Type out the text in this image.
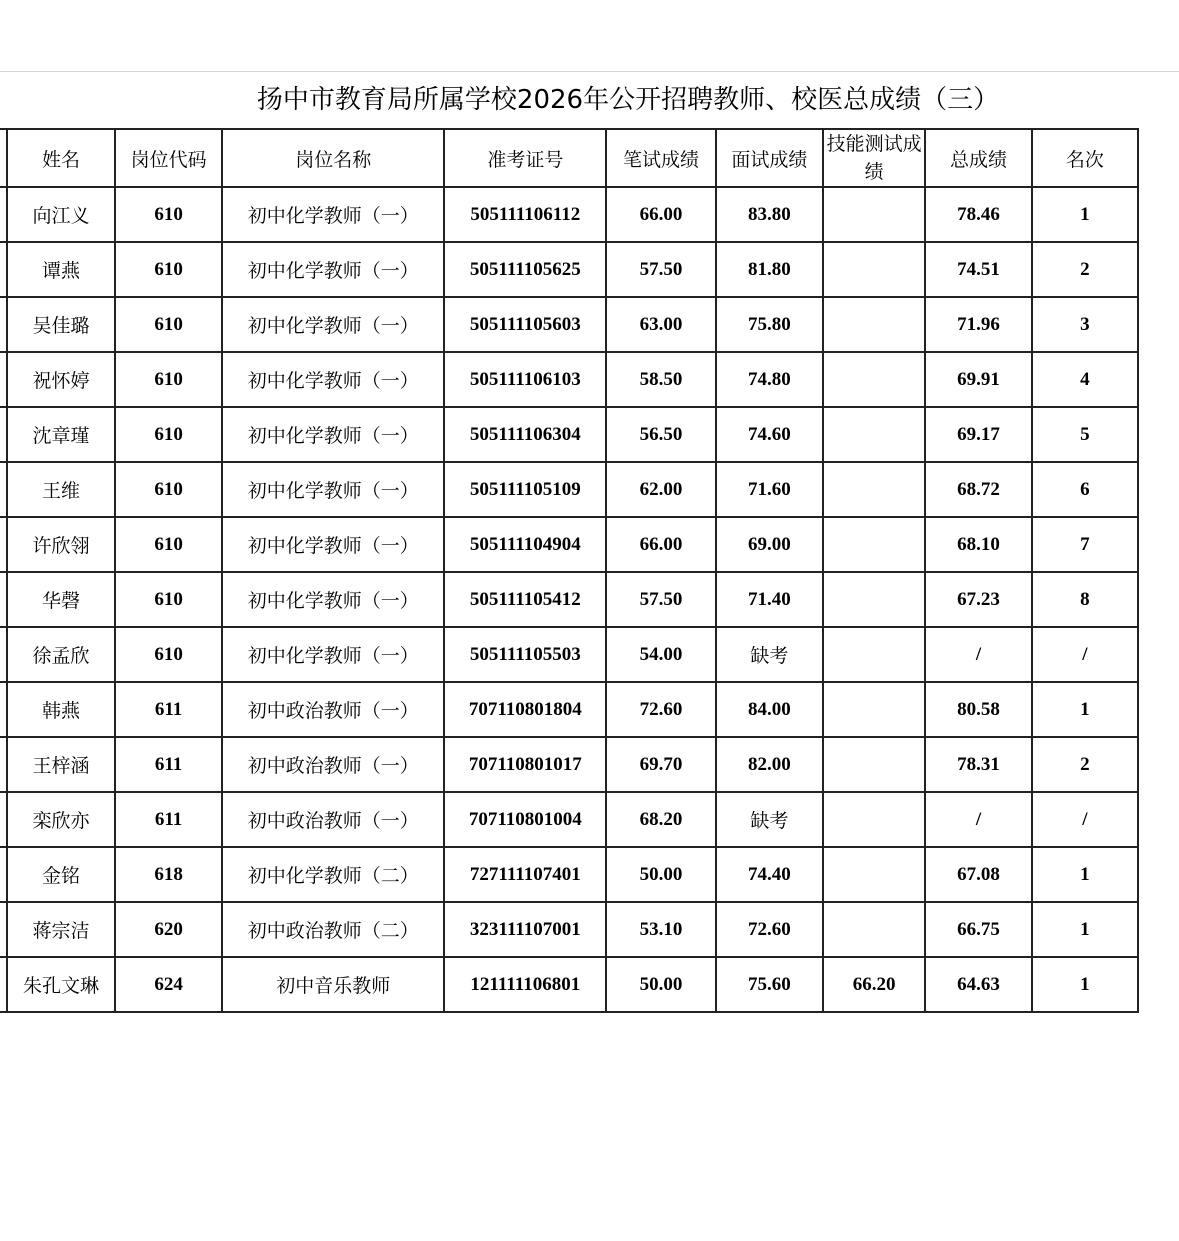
扬中市教育局所属学校2026年公开招聘教师、校医总成绩（三）
	姓名	岗位代码	岗位名称	准考证号	笔试成绩	面试成绩	技能测试成绩	总成绩	名次
	向江义	610	初中化学教师（一）	505111106112	66.00	83.80		78.46	1
	谭燕	610	初中化学教师（一）	505111105625	57.50	81.80		74.51	2
	吴佳璐	610	初中化学教师（一）	505111105603	63.00	75.80		71.96	3
	祝怀婷	610	初中化学教师（一）	505111106103	58.50	74.80		69.91	4
	沈章瑾	610	初中化学教师（一）	505111106304	56.50	74.60		69.17	5
	王维	610	初中化学教师（一）	505111105109	62.00	71.60		68.72	6
	许欣翎	610	初中化学教师（一）	505111104904	66.00	69.00		68.10	7
	华磬	610	初中化学教师（一）	505111105412	57.50	71.40		67.23	8
	徐孟欣	610	初中化学教师（一）	505111105503	54.00	缺考		/	/
	韩燕	611	初中政治教师（一）	707110801804	72.60	84.00		80.58	1
	王梓涵	611	初中政治教师（一）	707110801017	69.70	82.00		78.31	2
	栾欣亦	611	初中政治教师（一）	707110801004	68.20	缺考		/	/
	金铭	618	初中化学教师（二）	727111107401	50.00	74.40		67.08	1
	蒋宗洁	620	初中政治教师（二）	323111107001	53.10	72.60		66.75	1
	朱孔文琳	624	初中音乐教师	121111106801	50.00	75.60	66.20	64.63	1
